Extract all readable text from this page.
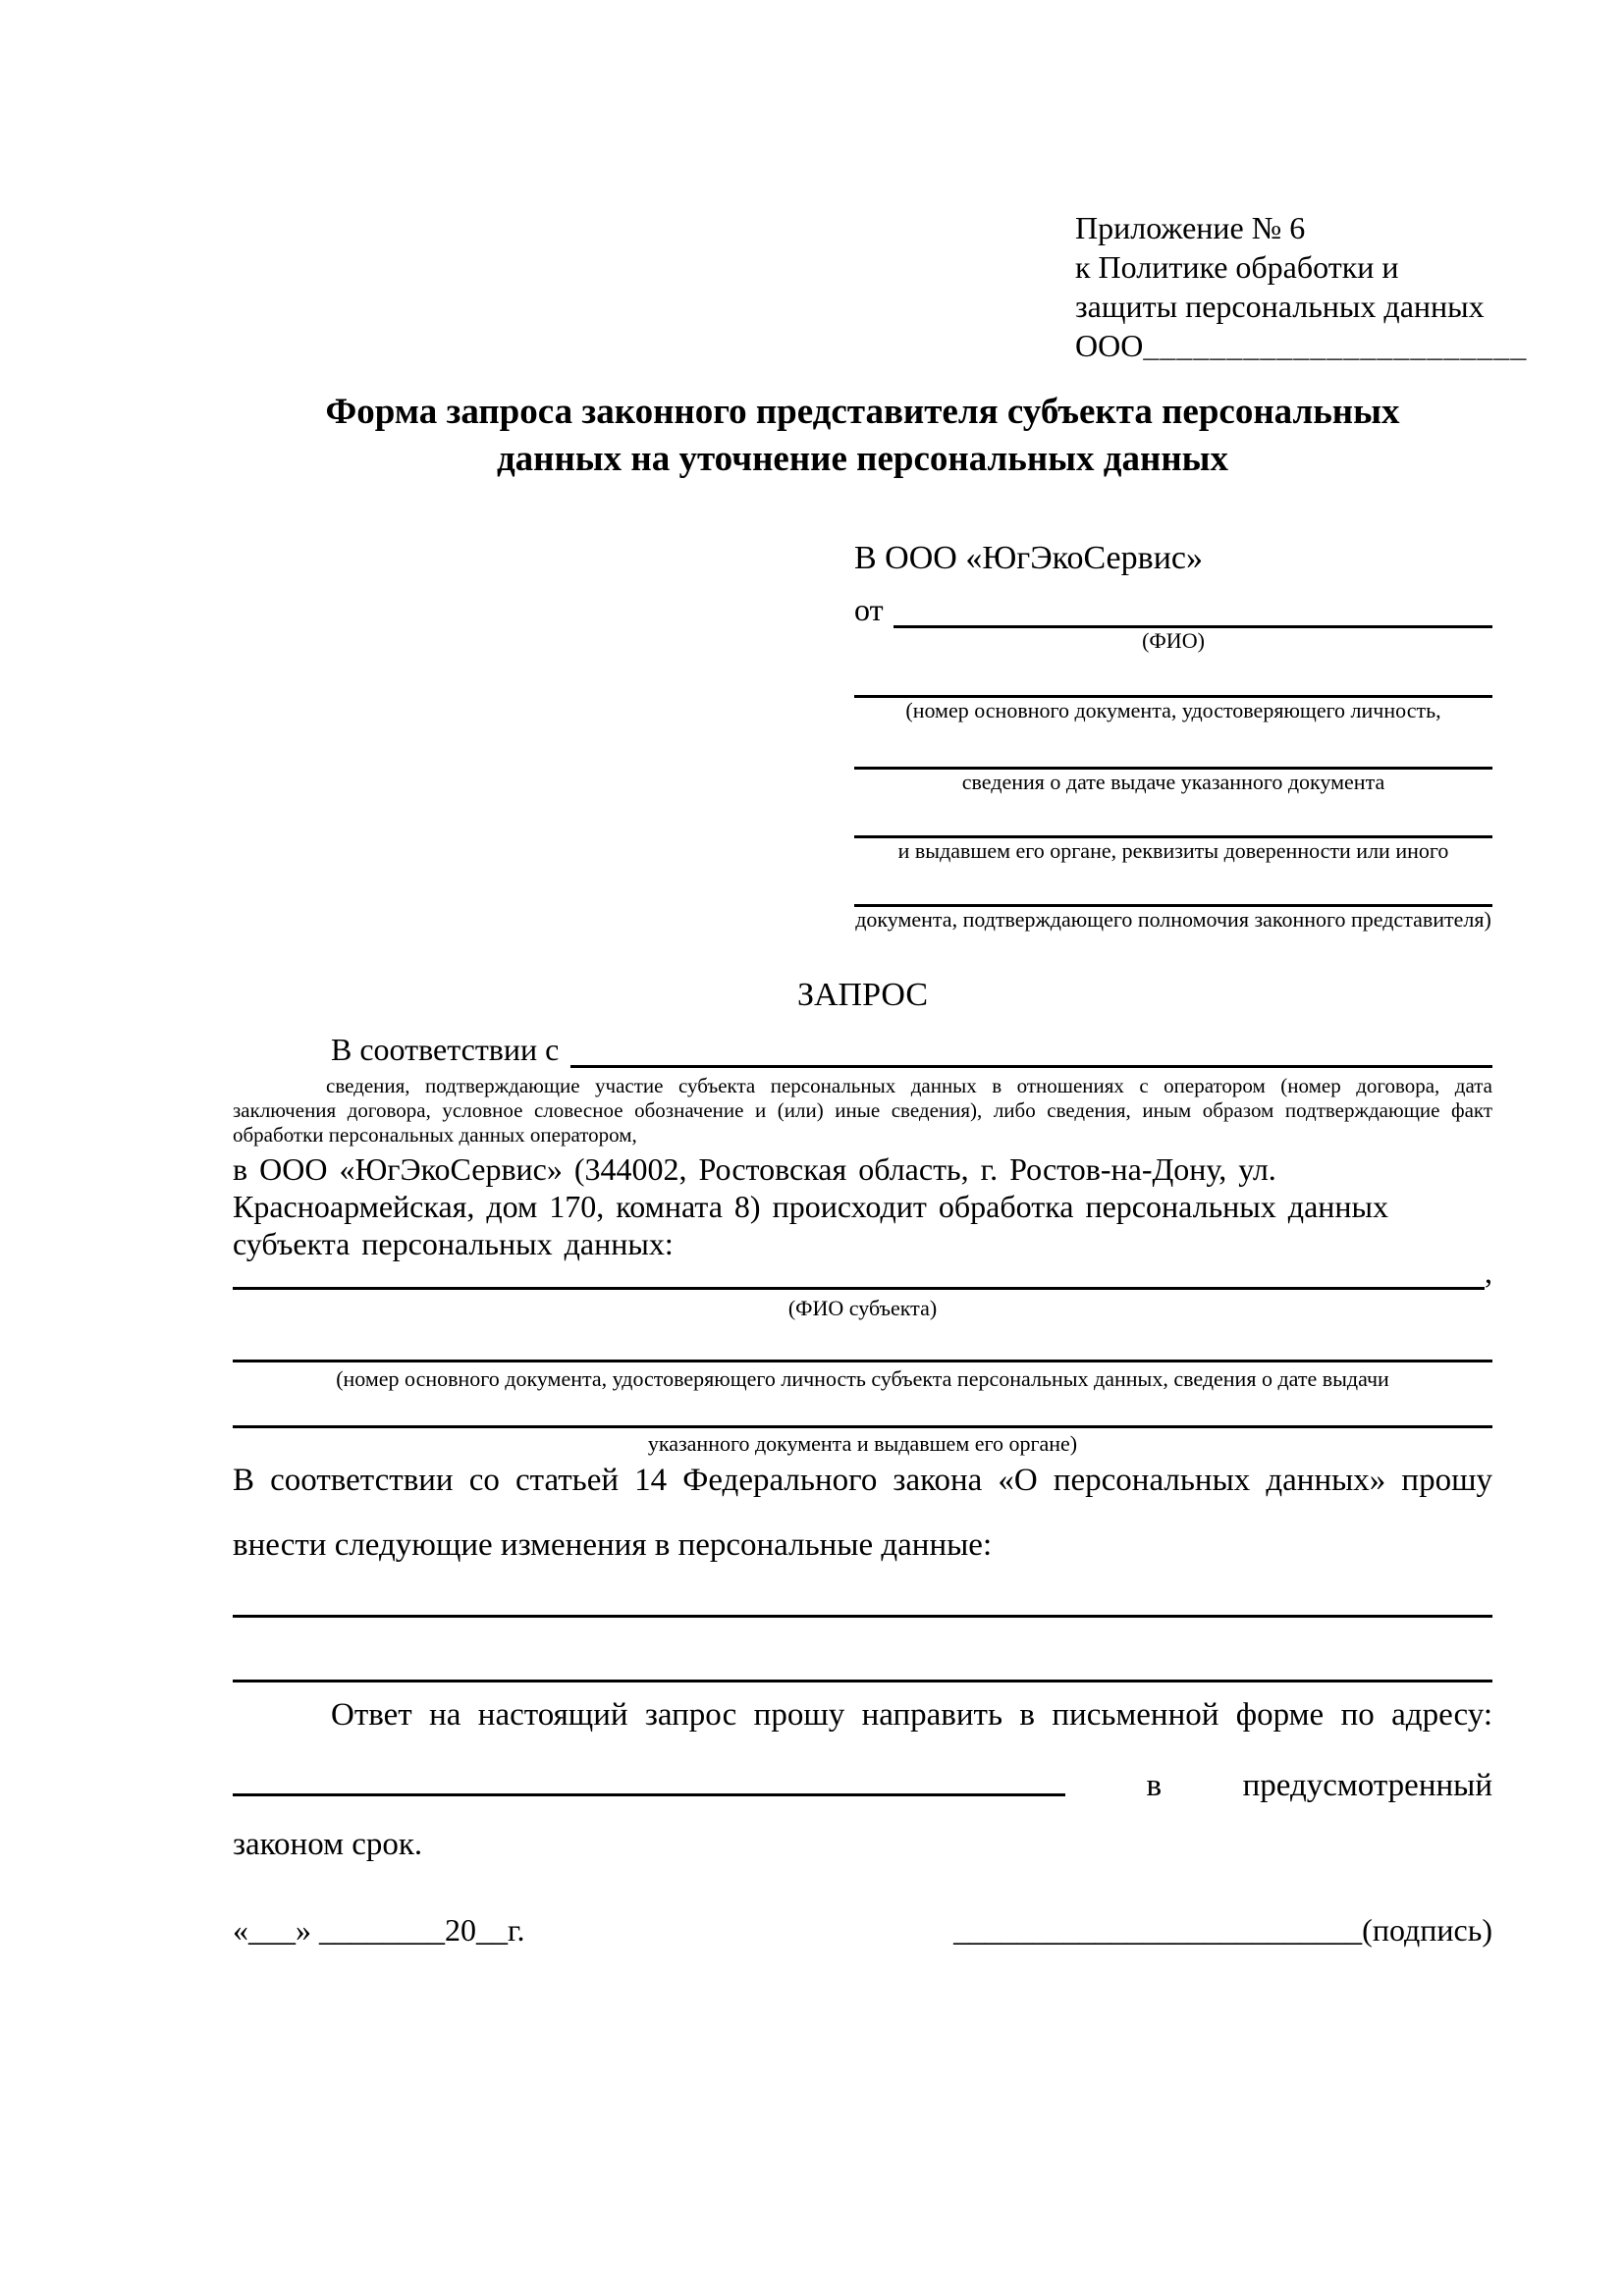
Приложение № 6
к Политике обработки и
защиты персональных данных
ООО_______________________
Форма запроса законного представителя субъекта персональных
данных на уточнение персональных данных
В ООО «ЮгЭкоСервис»
от
(ФИО)
(номер основного документа, удостоверяющего личность,
сведения о дате выдаче указанного документа
и выдавшем его органе, реквизиты доверенности или иного
документа, подтверждающего полномочия законного представителя)
ЗАПРОС
В соответствии с
сведения, подтверждающие участие субъекта персональных данных в отношениях с оператором (номер договора, дата
заключения договора, условное словесное обозначение и (или) иные сведения), либо сведения, иным образом подтверждающие факт
обработки персональных данных оператором,
в ООО «ЮгЭкоСервис» (344002, Ростовская область, г. Ростов-на-Дону, ул.
Красноармейская, дом 170, комната 8) происходит обработка персональных данных
субъекта персональных данных:
,
(ФИО субъекта)
(номер основного документа, удостоверяющего личность субъекта персональных данных, сведения о дате выдачи
указанного документа и выдавшем его органе)
В соответствии со статьей 14 Федерального закона «О персональных данных» прошу
внести следующие изменения в персональные данные:
Ответ на настоящий запрос прошу направить в письменной форме по адресу:
в	предусмотренный
законом срок.
«___» ________20__г.	__________________________(подпись)
